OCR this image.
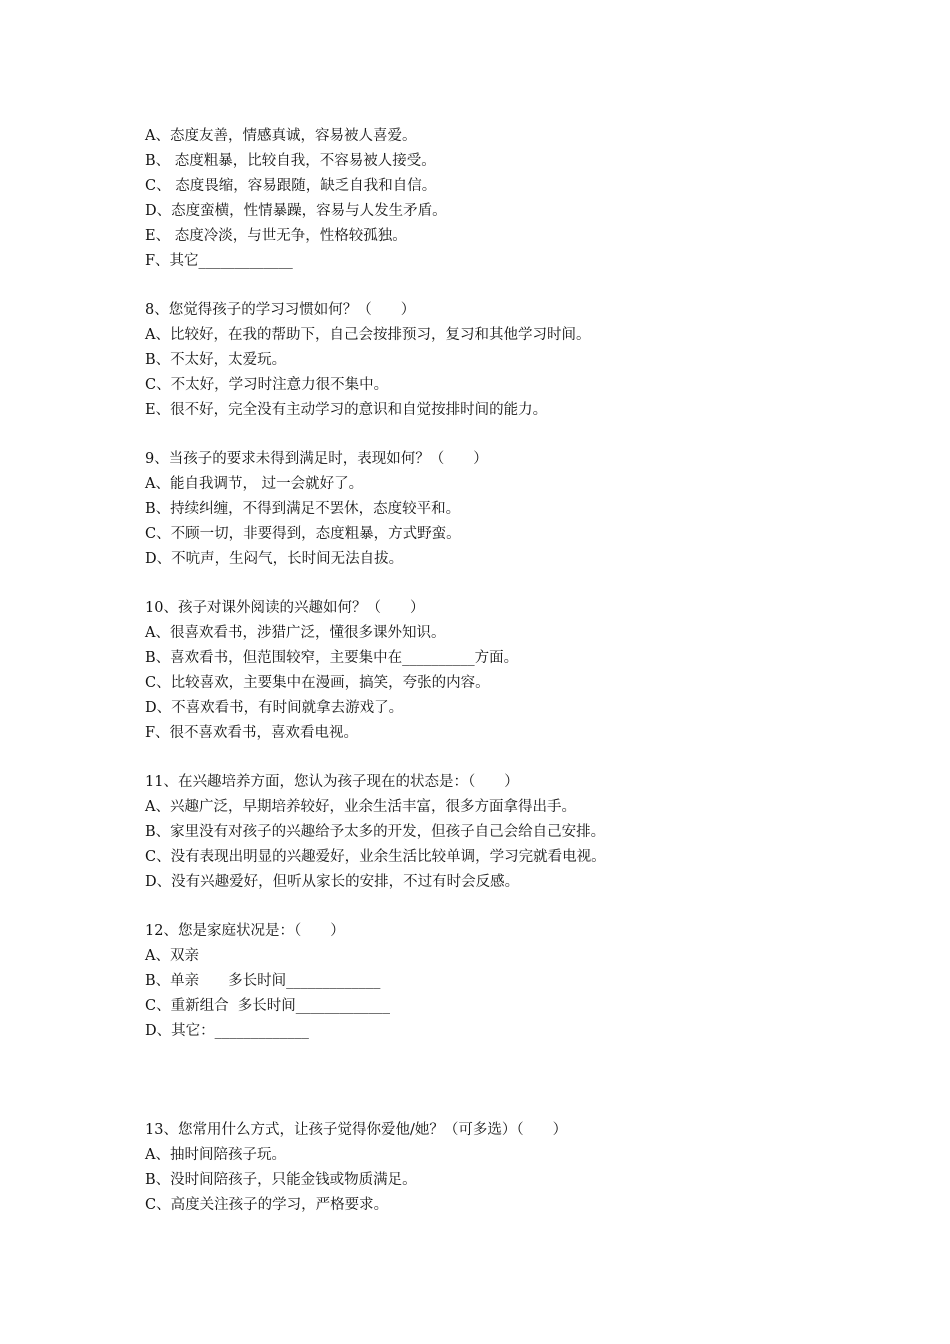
A、态度友善，情感真诚，容易被人喜爱。
B、 态度粗暴，比较自我，不容易被人接受。
C、 态度畏缩，容易跟随，缺乏自我和自信。
D、态度蛮横，性情暴躁，容易与人发生矛盾。
E、 态度冷淡，与世无争，性格较孤独。
F、其它_____________
8、您觉得孩子的学习习惯如何？（　　）
A、比较好，在我的帮助下，自己会按排预习，复习和其他学习时间。
B、不太好，太爱玩。
C、不太好，学习时注意力很不集中。
E、很不好，完全没有主动学习的意识和自觉按排时间的能力。
9、当孩子的要求未得到满足时，表现如何？（　　）
A、能自我调节， 过一会就好了。
B、持续纠缠，不得到满足不罢休，态度较平和。
C、不顾一切，非要得到，态度粗暴，方式野蛮。
D、不吭声，生闷气，长时间无法自拔。
10、孩子对课外阅读的兴趣如何？（　　）
A、很喜欢看书，涉猎广泛，懂很多课外知识。
B、喜欢看书，但范围较窄，主要集中在__________方面。
C、比较喜欢，主要集中在漫画，搞笑，夸张的内容。
D、不喜欢看书，有时间就拿去游戏了。
F、很不喜欢看书，喜欢看电视。
11、在兴趣培养方面，您认为孩子现在的状态是：（　　）
A、兴趣广泛，早期培养较好，业余生活丰富，很多方面拿得出手。
B、家里没有对孩子的兴趣给予太多的开发，但孩子自己会给自己安排。
C、没有表现出明显的兴趣爱好，业余生活比较单调，学习完就看电视。
D、没有兴趣爱好，但听从家长的安排，不过有时会反感。
12、您是家庭状况是：（　　）
A、双亲
B、单亲　　多长时间_____________
C、重新组合  多长时间_____________
D、其它：_____________
13、您常用什么方式，让孩子觉得你爱他/她？（可多选）（　　）
A、抽时间陪孩子玩。
B、没时间陪孩子，只能金钱或物质满足。
C、高度关注孩子的学习，严格要求。
